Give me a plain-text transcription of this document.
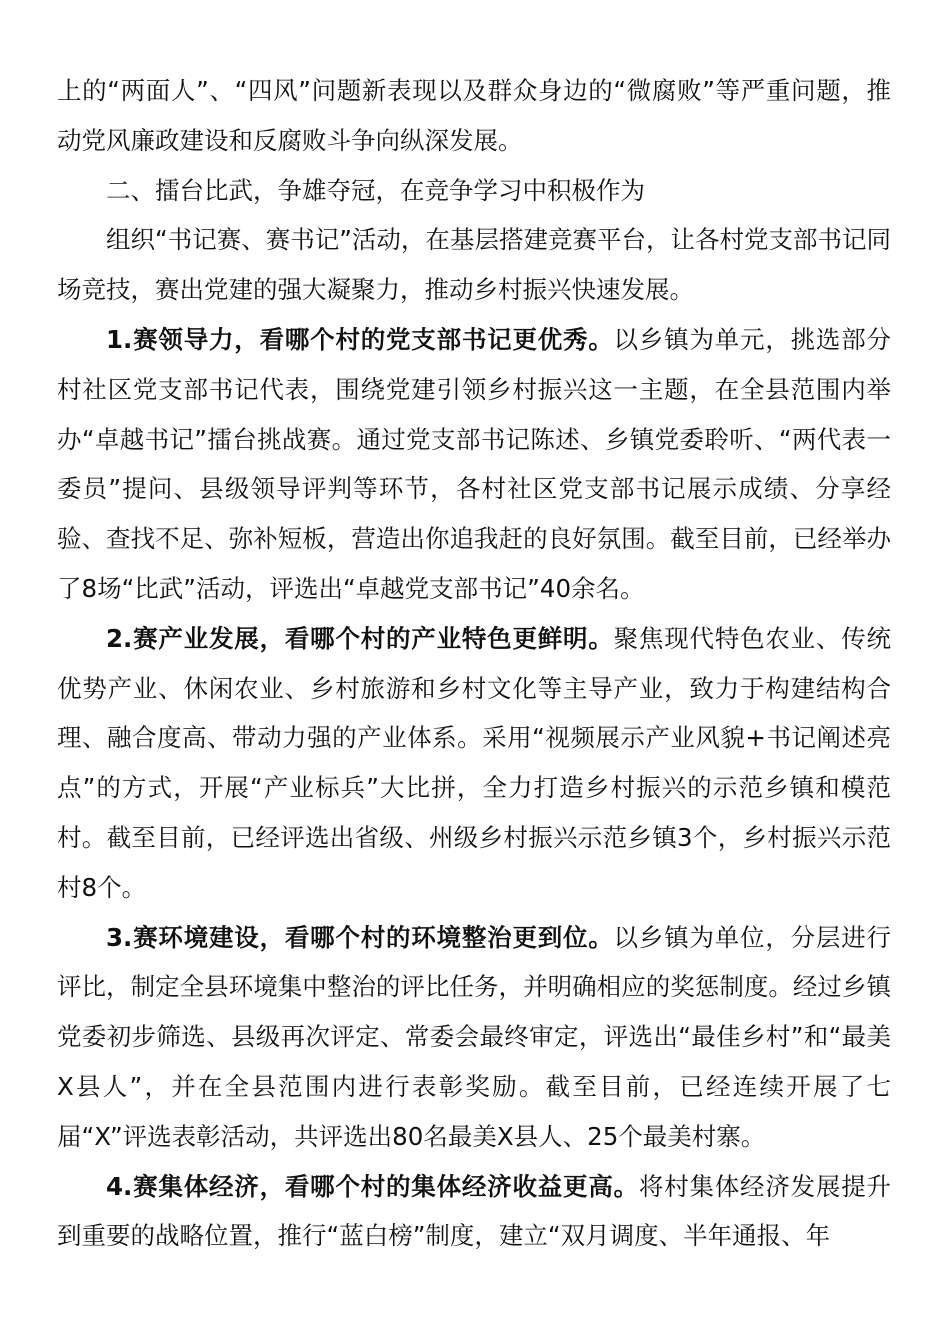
上的“两面人”、“四风”问题新表现以及群众身边的“微腐败”等严重问题，推动党风廉政建设和反腐败斗争向纵深发展。

二、擂台比武，争雄夺冠，在竞争学习中积极作为

组织“书记赛、赛书记”活动，在基层搭建竞赛平台，让各村党支部书记同场竞技，赛出党建的强大凝聚力，推动乡村振兴快速发展。

1.赛领导力，看哪个村的党支部书记更优秀。以乡镇为单元，挑选部分村社区党支部书记代表，围绕党建引领乡村振兴这一主题，在全县范围内举办“卓越书记”擂台挑战赛。通过党支部书记陈述、乡镇党委聆听、“两代表一委员”提问、县级领导评判等环节，各村社区党支部书记展示成绩、分享经验、查找不足、弥补短板，营造出你追我赶的良好氛围。截至目前，已经举办了8场“比武”活动，评选出“卓越党支部书记”40余名。

2.赛产业发展，看哪个村的产业特色更鲜明。聚焦现代特色农业、传统优势产业、休闲农业、乡村旅游和乡村文化等主导产业，致力于构建结构合理、融合度高、带动力强的产业体系。采用“视频展示产业风貌+书记阐述亮点”的方式，开展“产业标兵”大比拼，全力打造乡村振兴的示范乡镇和模范村。截至目前，已经评选出省级、州级乡村振兴示范乡镇3个，乡村振兴示范村8个。

3.赛环境建设，看哪个村的环境整治更到位。以乡镇为单位，分层进行评比，制定全县环境集中整治的评比任务，并明确相应的奖惩制度。经过乡镇党委初步筛选、县级再次评定、常委会最终审定，评选出“最佳乡村”和“最美X县人”，并在全县范围内进行表彰奖励。截至目前，已经连续开展了七届“X”评选表彰活动，共评选出80名最美X县人、25个最美村寨。

4.赛集体经济，看哪个村的集体经济收益更高。将村集体经济发展提升到重要的战略位置，推行“蓝白榜”制度，建立“双月调度、半年通报、年
